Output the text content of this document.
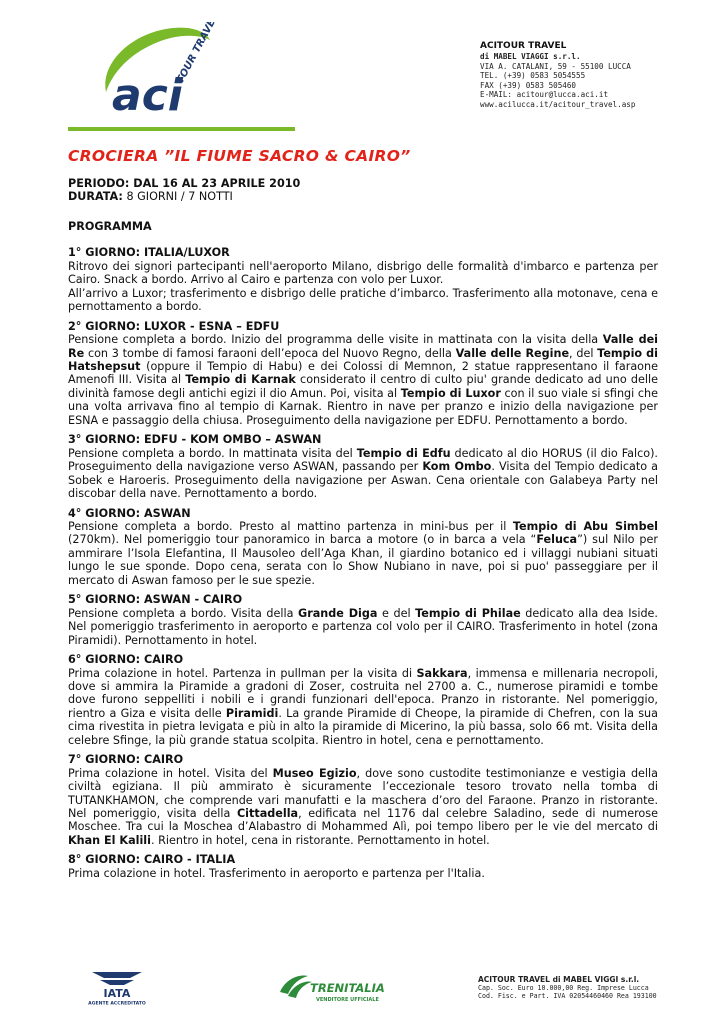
aci
TOUR TRAVEL	ACITOUR TRAVEL
di MABEL VIAGGI s.r.l.
VIA A. CATALANI, 59 - 55100 LUCCA
TEL. (+39) 0583 5054555
FAX (+39) 0583 505460
E-MAIL: acitour@lucca.aci.it
www.acilucca.it/acitour_travel.asp
CROCIERA ”IL FIUME SACRO & CAIRO”

PERIODO: DAL 16 AL 23 APRILE 2010

DURATA: 8 GIORNI / 7 NOTTI

PROGRAMMA

1° GIORNO: ITALIA/LUXOR

Ritrovo dei signori partecipanti nell'aeroporto Milano, disbrigo delle formalità d'imbarco e partenza per Cairo. Snack a bordo. Arrivo al Cairo e partenza con volo per Luxor.

All’arrivo a Luxor; trasferimento e disbrigo delle pratiche d’imbarco. Trasferimento alla motonave, cena e pernottamento a bordo.

2° GIORNO: LUXOR - ESNA – EDFU

Pensione completa a bordo. Inizio del programma delle visite in mattinata con la visita della Valle dei Re con 3 tombe di famosi faraoni dell’epoca del Nuovo Regno, della Valle delle Regine, del Tempio di Hatshepsut (oppure il Tempio di Habu) e dei Colossi di Memnon, 2 statue rappresentano il faraone Amenofi III. Visita al Tempio di Karnak considerato il centro di culto piu' grande dedicato ad uno delle divinità famose degli antichi egizi il dio Amun. Poi, visita al Tempio di Luxor con il suo viale si sfingi che una volta arrivava fino al tempio di Karnak. Rientro in nave per pranzo e inizio della navigazione per ESNA e passaggio della chiusa. Proseguimento della navigazione per EDFU. Pernottamento a bordo.

3° GIORNO: EDFU - KOM OMBO – ASWAN

Pensione completa a bordo. In mattinata visita del Tempio di Edfu dedicato al dio HORUS (il dio Falco). Proseguimento della navigazione verso ASWAN, passando per Kom Ombo. Visita del Tempio dedicato a Sobek e Haroeris. Proseguimento della navigazione per Aswan. Cena orientale con Galabeya Party nel discobar della nave. Pernottamento a bordo.

4° GIORNO: ASWAN

Pensione completa a bordo. Presto al mattino partenza in mini-bus per il Tempio di Abu Simbel (270km). Nel pomeriggio tour panoramico in barca a motore (o in barca a vela “Feluca”) sul Nilo per ammirare l’Isola Elefantina, Il Mausoleo dell’Aga Khan, il giardino botanico ed i villaggi nubiani situati lungo le sue sponde. Dopo cena, serata con lo Show Nubiano in nave, poi si puo' passeggiare per il mercato di Aswan famoso per le sue spezie.

5° GIORNO: ASWAN - CAIRO

Pensione completa a bordo. Visita della Grande Diga e del Tempio di Philae dedicato alla dea Iside. Nel pomeriggio trasferimento in aeroporto e partenza col volo per il CAIRO. Trasferimento in hotel (zona Piramidi). Pernottamento in hotel.

6° GIORNO: CAIRO

Prima colazione in hotel. Partenza in pullman per la visita di Sakkara, immensa e millenaria necropoli, dove si ammira la Piramide a gradoni di Zoser, costruita nel 2700 a. C., numerose piramidi e tombe dove furono seppelliti i nobili e i grandi funzionari dell'epoca. Pranzo in ristorante. Nel pomeriggio, rientro a Giza e visita delle Piramidi. La grande Piramide di Cheope, la piramide di Chefren, con la sua cima rivestita in pietra levigata e più in alto la piramide di Micerino, la più bassa, solo 66 mt. Visita della celebre Sfinge, la più grande statua scolpita. Rientro in hotel, cena e pernottamento.

7° GIORNO: CAIRO

Prima colazione in hotel. Visita del Museo Egizio, dove sono custodite testimonianze e vestigia della civiltà egiziana. Il più ammirato è sicuramente l’eccezionale tesoro trovato nella tomba di TUTANKHAMON, che comprende vari manufatti e la maschera d’oro del Faraone. Pranzo in ristorante. Nel pomeriggio, visita della Cittadella, edificata nel 1176 dal celebre Saladino, sede di numerose Moschee. Tra cui la Moschea d’Alabastro di Mohammed Alì, poi tempo libero per le vie del mercato di Khan El Kalili. Rientro in hotel, cena in ristorante. Pernottamento in hotel.

8° GIORNO: CAIRO - ITALIA

Prima colazione in hotel. Trasferimento in aeroporto e partenza per l'Italia.

IATA
AGENTE ACCREDITATO
TRENITALIA
VENDITORE UFFICIALE
ACITOUR TRAVEL di MABEL VIGGI s.r.l.
Cap. Soc. Euro 10.000,00 Reg. Imprese Lucca
Cod. Fisc. e Part. IVA 02054460460 Rea 193100
